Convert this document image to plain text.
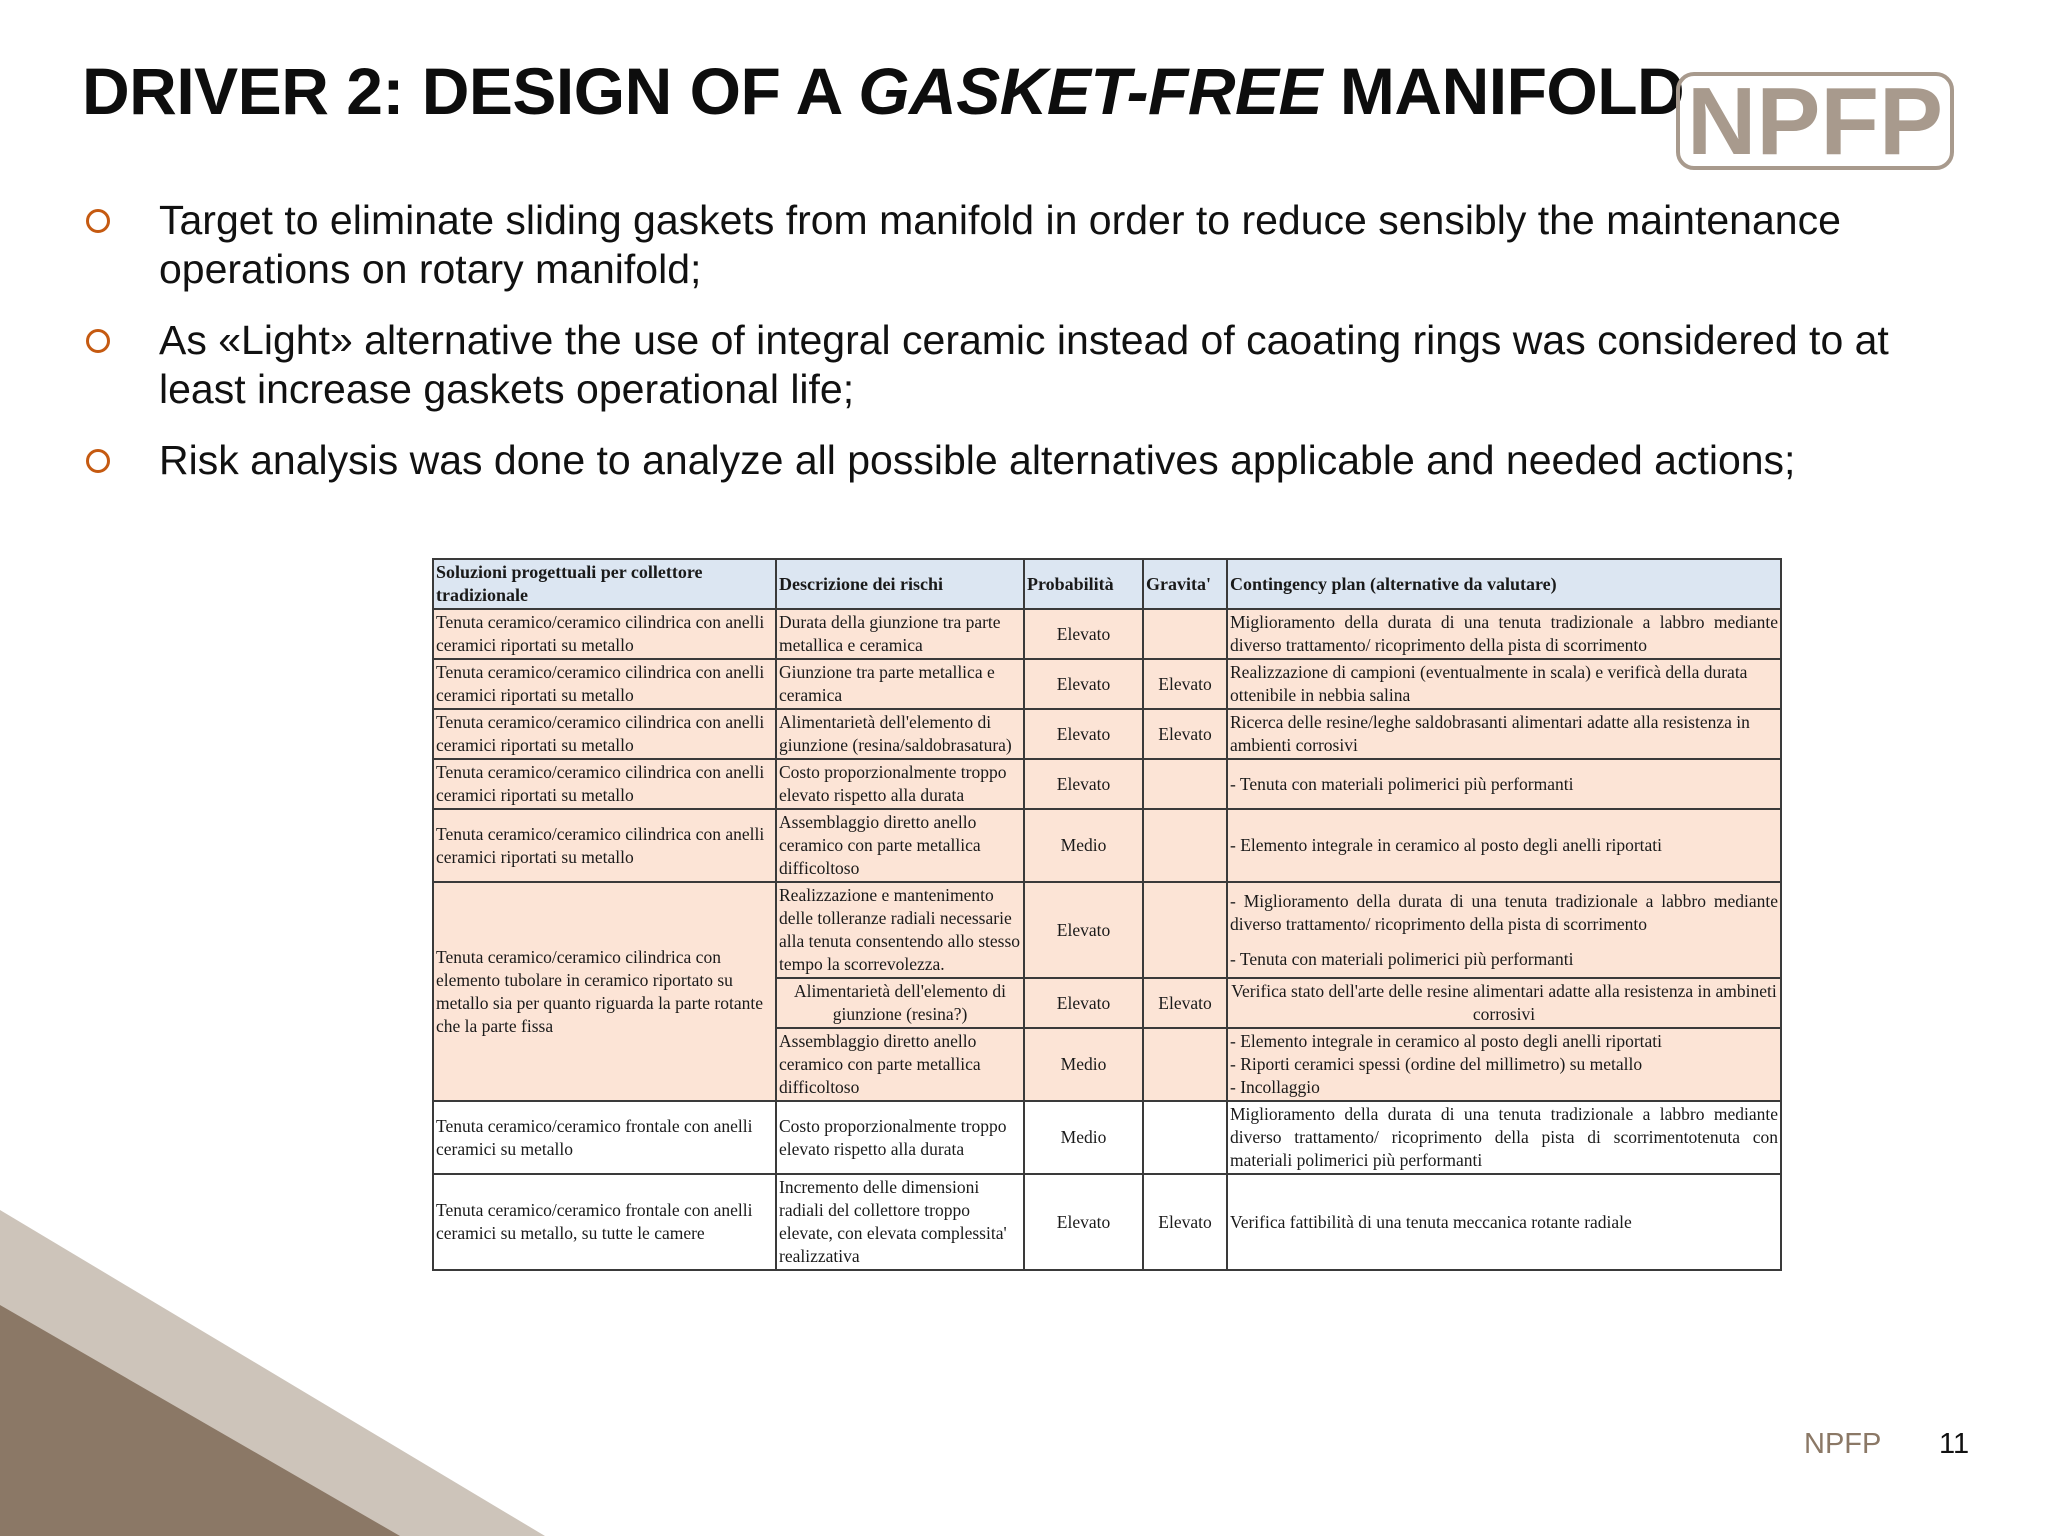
DRIVER 2: DESIGN OF A GASKET-FREE MANIFOLD NPFP
Target to eliminate sliding gaskets from manifold in order to reduce sensibly the maintenance operations on rotary manifold;
As «Light» alternative the use of integral ceramic instead of caoating rings was considered to at least increase gaskets operational life;
Risk analysis was done to analyze all possible alternatives applicable and needed actions;
Soluzioni progettuali per collettore tradizionale	Descrizione dei rischi	Probabilità	Gravita'	Contingency plan (alternative da valutare)
Tenuta ceramico/ceramico cilindrica con anelli ceramici riportati su metallo	Durata della giunzione tra parte metallica e ceramica	Elevato		Miglioramento della durata di una tenuta tradizionale a labbro mediante diverso trattamento/ ricoprimento della pista di scorrimento
Tenuta ceramico/ceramico cilindrica con anelli ceramici riportati su metallo	Giunzione tra parte metallica e ceramica	Elevato	Elevato	Realizzazione di campioni (eventualmente in scala) e verificà della durata ottenibile in nebbia salina
Tenuta ceramico/ceramico cilindrica con anelli ceramici riportati su metallo	Alimentarietà dell'elemento di giunzione (resina/saldobrasatura)	Elevato	Elevato	Ricerca delle resine/leghe saldobrasanti alimentari adatte alla resistenza in ambienti corrosivi
Tenuta ceramico/ceramico cilindrica con anelli ceramici riportati su metallo	Costo proporzionalmente troppo elevato rispetto alla durata	Elevato		- Tenuta con materiali polimerici più performanti
Tenuta ceramico/ceramico cilindrica con anelli ceramici riportati su metallo	Assemblaggio diretto anello ceramico con parte metallica difficoltoso	Medio		- Elemento integrale in ceramico al posto degli anelli riportati
Tenuta ceramico/ceramico cilindrica con elemento tubolare in ceramico riportato su metallo sia per quanto riguarda la parte rotante che la parte fissa	Realizzazione e mantenimento delle tolleranze radiali necessarie alla tenuta consentendo allo stesso tempo la scorrevolezza.	Elevato		- Miglioramento della durata di una tenuta tradizionale a labbro mediante diverso trattamento/ ricoprimento della pista di scorrimento
- Tenuta con materiali polimerici più performanti

	Alimentarietà dell'elemento di giunzione (resina?)	Elevato	Elevato	Verifica stato dell'arte delle resine alimentari adatte alla resistenza in ambineti corrosivi
	Assemblaggio diretto anello ceramico con parte metallica difficoltoso	Medio		- Elemento integrale in ceramico al posto degli anelli riportati
- Riporti ceramici spessi (ordine del millimetro) su metallo
- Incollaggio

Tenuta ceramico/ceramico frontale con anelli ceramici su metallo	Costo proporzionalmente troppo elevato rispetto alla durata	Medio		Miglioramento della durata di una tenuta tradizionale a labbro mediante diverso trattamento/ ricoprimento della pista di scorrimentotenuta con materiali polimerici più performanti
Tenuta ceramico/ceramico frontale con anelli ceramici su metallo, su tutte le camere	Incremento delle dimensioni radiali del collettore troppo elevate, con elevata complessita' realizzativa	Elevato	Elevato	Verifica fattibilità di una tenuta meccanica rotante radiale
NPFP 11
